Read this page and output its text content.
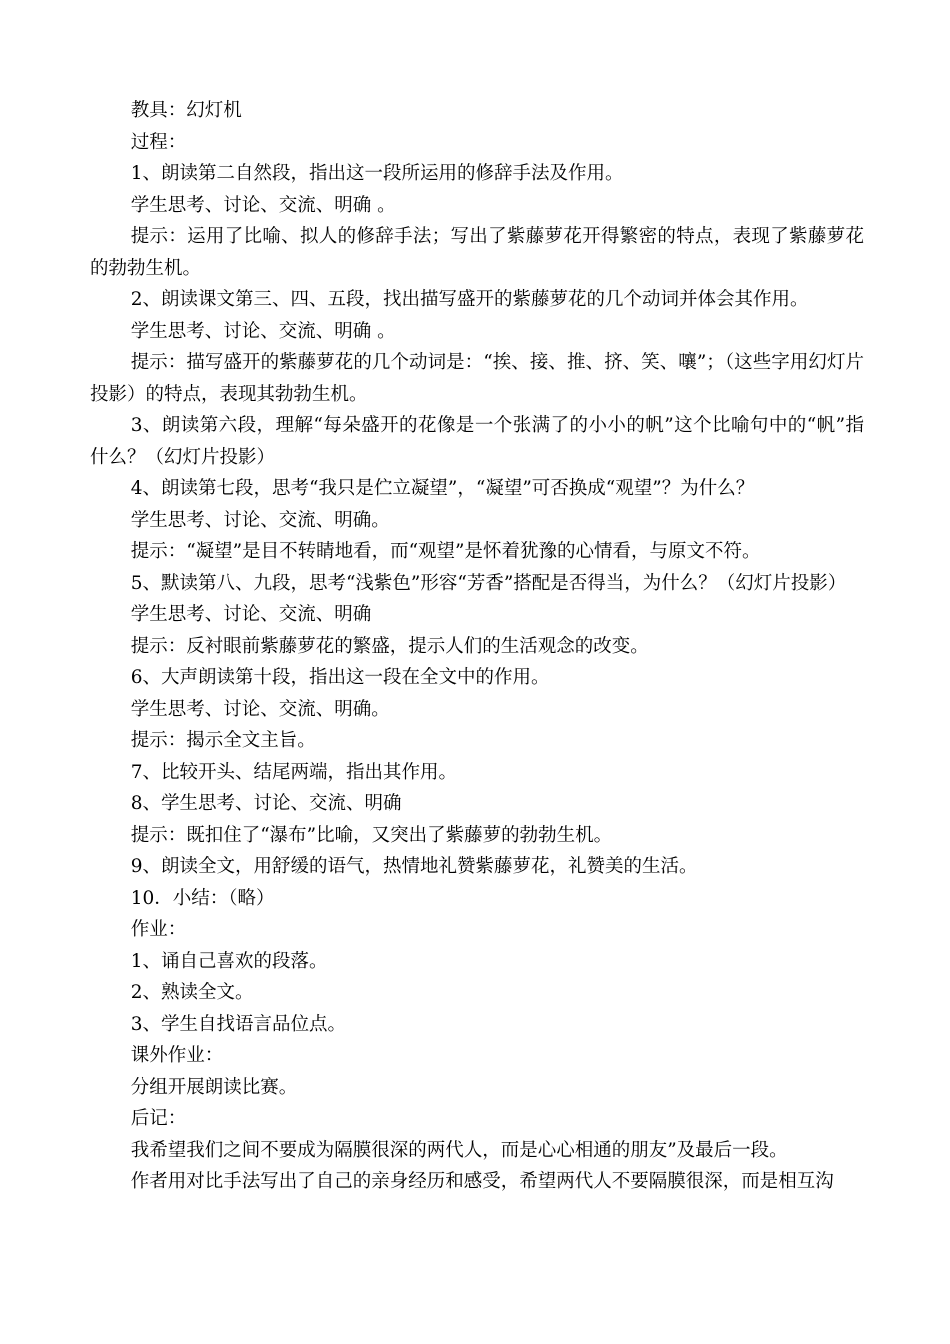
教具：幻灯机

过程：

1、朗读第二自然段，指出这一段所运用的修辞手法及作用。

学生思考、讨论、交流、明确 。

提示：运用了比喻、拟人的修辞手法；写出了紫藤萝花开得繁密的特点，表现了紫藤萝花的勃勃生机。

2、朗读课文第三、四、五段，找出描写盛开的紫藤萝花的几个动词并体会其作用。

学生思考、讨论、交流、明确 。

提示：描写盛开的紫藤萝花的几个动词是：“挨、接、推、挤、笑、嚷”；（这些字用幻灯片投影）的特点，表现其勃勃生机。

3、朗读第六段，理解“每朵盛开的花像是一个张满了的小小的帆”这个比喻句中的“帆”指什么？（幻灯片投影）

4、朗读第七段，思考“我只是伫立凝望”，“凝望”可否换成“观望”？为什么？

学生思考、讨论、交流、明确。

提示：“凝望”是目不转睛地看，而“观望”是怀着犹豫的心情看，与原文不符。

5、默读第八、九段，思考“浅紫色”形容“芳香”搭配是否得当，为什么？（幻灯片投影）

学生思考、讨论、交流、明确

提示：反衬眼前紫藤萝花的繁盛，提示人们的生活观念的改变。

6、大声朗读第十段，指出这一段在全文中的作用。

学生思考、讨论、交流、明确。

提示：揭示全文主旨。

7、比较开头、结尾两端，指出其作用。

8、学生思考、讨论、交流、明确

提示：既扣住了“瀑布”比喻，又突出了紫藤萝的勃勃生机。

9、朗读全文，用舒缓的语气，热情地礼赞紫藤萝花，礼赞美的生活。

10．小结：（略）

作业：

1、诵自己喜欢的段落。

2、熟读全文。

3、学生自找语言品位点。

课外作业：

分组开展朗读比赛。

后记：

我希望我们之间不要成为隔膜很深的两代人，而是心心相通的朋友”及最后一段。

作者用对比手法写出了自己的亲身经历和感受，希望两代人不要隔膜很深，而是相互沟
